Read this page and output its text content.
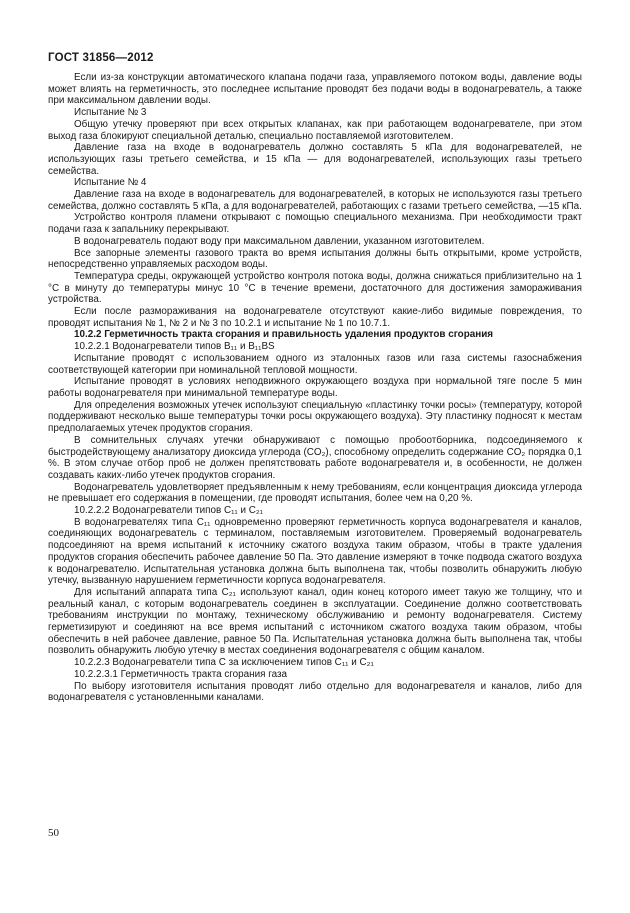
ГОСТ 31856—2012

Если из-за конструкции автоматического клапана подачи газа, управляемого потоком воды, давление воды может влиять на герметичность, это последнее испытание проводят без подачи воды в водонагреватель, а также при максимальном давлении воды.

Испытание № 3

Общую утечку проверяют при всех открытых клапанах, как при работающем водонагревателе, при этом выход газа блокируют специальной деталью, специально поставляемой изготовителем.

Давление газа на входе в водонагреватель должно составлять 5 кПа для водонагревателей, не использующих газы третьего семейства, и 15 кПа — для водонагревателей, использующих газы третьего семейства.

Испытание № 4

Давление газа на входе в водонагреватель для водонагревателей, в которых не используются газы третьего семейства, должно составлять 5 кПа, а для водонагревателей, работающих с газами третьего семейства, —15 кПа.

Устройство контроля пламени открывают с помощью специального механизма. При необходимости тракт подачи газа к запальнику перекрывают.

В водонагреватель подают воду при максимальном давлении, указанном изготовителем.

Все запорные элементы газового тракта во время испытания должны быть открытыми, кроме устройств, непосредственно управляемых расходом воды.

Температура среды, окружающей устройство контроля потока воды, должна снижаться приблизительно на 1 °С в минуту до температуры минус 10 °С в течение времени, достаточного для достижения замораживания устройства.

Если после размораживания на водонагревателе отсутствуют какие-либо видимые повреждения, то проводят испытания № 1, № 2 и № 3 по 10.2.1 и испытание № 1 по 10.7.1.

10.2.2 Герметичность тракта сгорания и правильность удаления продуктов сгорания

10.2.2.1 Водонагреватели типов B₁₁ и B₁₁BS

Испытание проводят с использованием одного из эталонных газов или газа системы газоснабжения соответствующей категории при номинальной тепловой мощности.

Испытание проводят в условиях неподвижного окружающего воздуха при нормальной тяге после 5 мин работы водонагревателя при минимальной температуре воды.

Для определения возможных утечек используют специальную «пластинку точки росы» (температуру, которой поддерживают несколько выше температуры точки росы окружающего воздуха). Эту пластинку подносят к местам предполагаемых утечек продуктов сгорания.

В сомнительных случаях утечки обнаруживают с помощью пробоотборника, подсоединяемого к быстродействующему анализатору диоксида углерода (CO₂), способному определить содержание CO₂ порядка 0,1 %. В этом случае отбор проб не должен препятствовать работе водонагревателя и, в особенности, не должен создавать каких-либо утечек продуктов сгорания.

Водонагреватель удовлетворяет предъявленным к нему требованиям, если концентрация диоксида углерода не превышает его содержания в помещении, где проводят испытания, более чем на 0,20 %.

10.2.2.2 Водонагреватели типов C₁₁ и C₂₁

В водонагревателях типа C₁₁ одновременно проверяют герметичность корпуса водонагревателя и каналов, соединяющих водонагреватель с терминалом, поставляемым изготовителем. Проверяемый водонагреватель подсоединяют на время испытаний к источнику сжатого воздуха таким образом, чтобы в тракте удаления продуктов сгорания обеспечить рабочее давление 50 Па. Это давление измеряют в точке подвода сжатого воздуха к водонагревателю. Испытательная установка должна быть выполнена так, чтобы позволить обнаружить любую утечку, вызванную нарушением герметичности корпуса водонагревателя.

Для испытаний аппарата типа C₂₁ используют канал, один конец которого имеет такую же толщину, что и реальный канал, с которым водонагреватель соединен в эксплуатации. Соединение должно соответствовать требованиям инструкции по монтажу, техническому обслуживанию и ремонту водонагревателя. Систему герметизируют и соединяют на все время испытаний с источником сжатого воздуха таким образом, чтобы обеспечить в ней рабочее давление, равное 50 Па. Испытательная установка должна быть выполнена так, чтобы позволить обнаружить любую утечку в местах соединения водонагревателя с общим каналом.

10.2.2.3 Водонагреватели типа C за исключением типов C₁₁ и C₂₁

10.2.2.3.1 Герметичность тракта сгорания газа

По выбору изготовителя испытания проводят либо отдельно для водонагревателя и каналов, либо для водонагревателя с установленными каналами.

50
